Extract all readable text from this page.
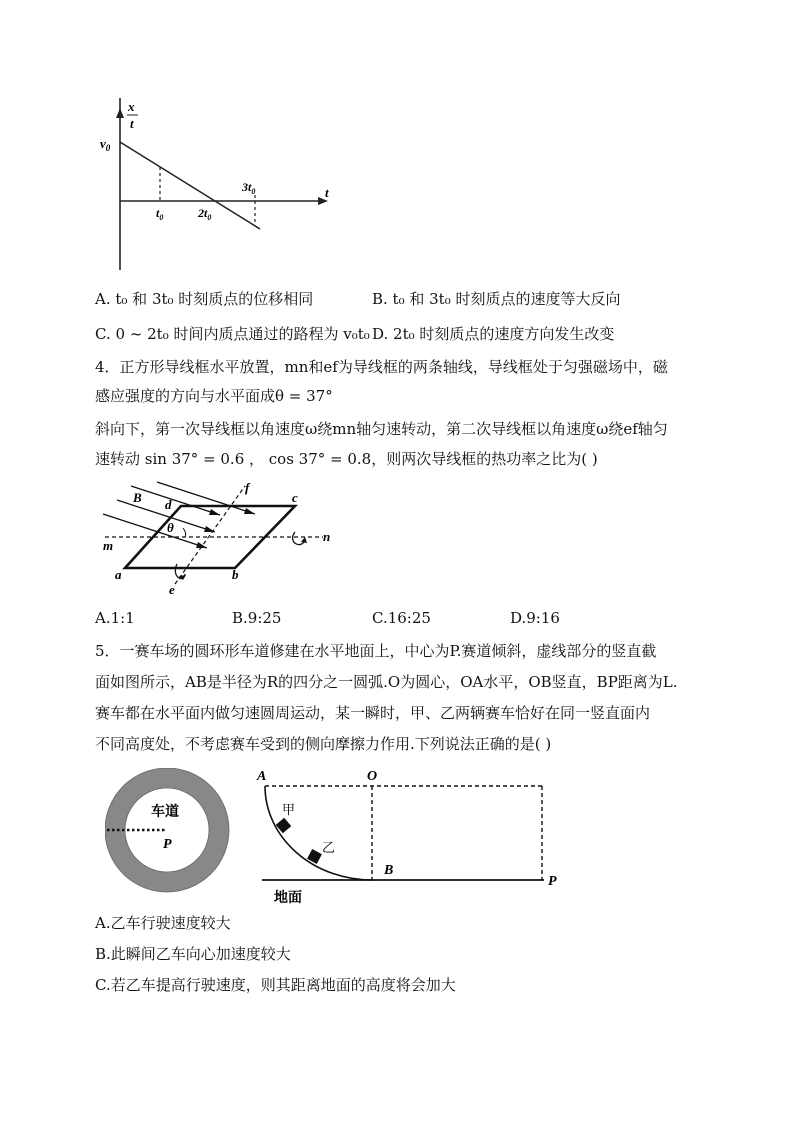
x
t
t
$v_0$
$t_0$	$2t_0$
$3t_0$
A. t₀ 和 3t₀ 时刻质点的位移相同	B. t₀ 和 3t₀ 时刻质点的速度等大反向
C. 0 ~ 2t₀ 时间内质点通过的路程为 v₀t₀ D. 2t₀ 时刻质点的速度方向发生改变
4．正方形导线框水平放置，mn和ef为导线框的两条轴线，导线框处于匀强磁场中，磁
感应强度的方向与水平面成θ = 37°
斜向下，第一次导线框以角速度ω绕mn轴匀速转动，第二次导线框以角速度ω绕ef轴匀
速转动 sin 37° = 0.6 ， cos 37° = 0.8，则两次导线框的热功率之比为( )
B d
f
c
θ
m
n
a	b
e
A.1:1	B.9:25	C.16:25	D.9:16
5．一赛车场的圆环形车道修建在水平地面上，中心为P.赛道倾斜，虚线部分的竖直截
面如图所示，AB是半径为R的四分之一圆弧.O为圆心，OA水平，OB竖直，BP距离为L.
赛车都在水平面内做匀速圆周运动，某一瞬时，甲、乙两辆赛车恰好在同一竖直面内
不同高度处，不考虑赛车受到的侧向摩擦力作用.下列说法正确的是( )
车道
P
A	O
甲
乙
B
P
地面
A.乙车行驶速度较大
B.此瞬间乙车向心加速度较大
C.若乙车提高行驶速度，则其距离地面的高度将会加大
